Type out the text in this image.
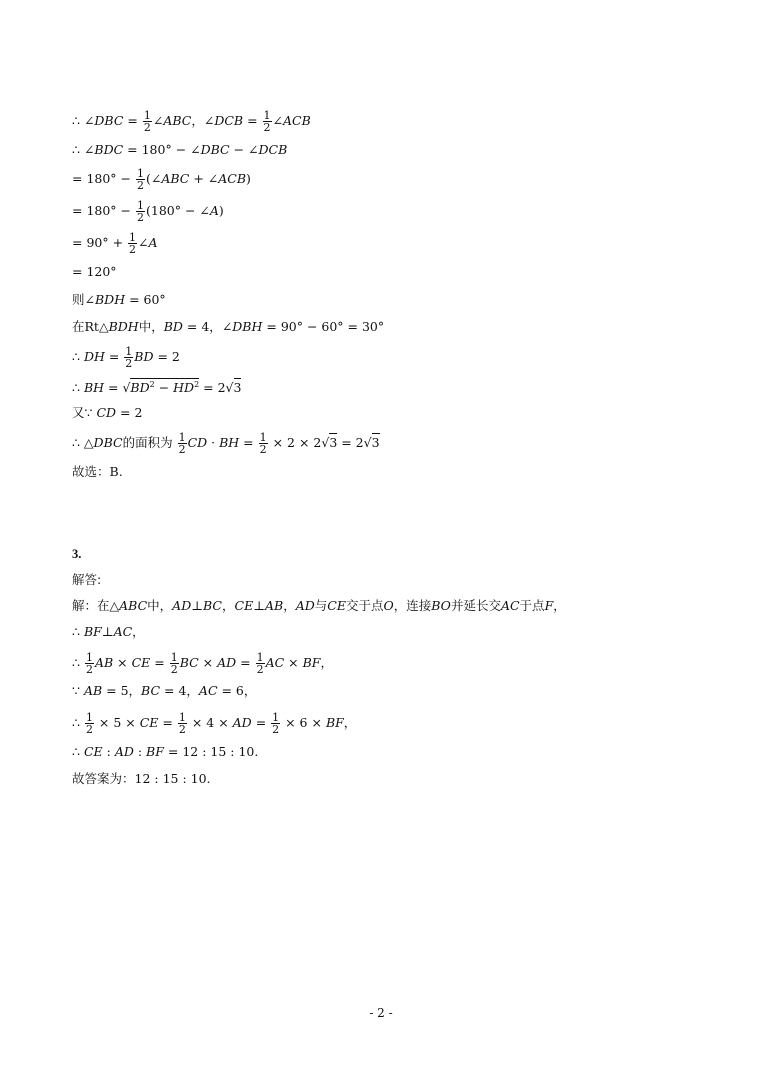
∴ ∠DBC = $\frac{1}{2}$ ∠ABC，∠DCB = $\frac{1}{2}$ ∠ACB
∴ ∠BDC = 180° − ∠DBC − ∠DCB
= $180^\circ - \frac{1}{2}$ (∠ABC + ∠ACB)
= $180^\circ - \frac{1}{2} (180^\circ$ − ∠A)
= $90^\circ + \frac{1}{2}$ ∠A
= 120°
则∠BDH = 60°
在Rt△BDH中，BD = 4，∠DBH = 90° − 60° = 30°
∴ DH = $\frac{1}{2}$ BD = 2
∴ BH = $√BD^2 - HD^2 = 2√3$
又∵ CD = 2
∴ △DBC的面积为 $\frac{1}{2}$ CD · BH = $\frac{1}{2} \times 2 \times 2√3 = 2√3$
故选：B.
3.
解答:
解：在△ABC中，AD⊥BC，CE⊥AB，AD与CE交于点O，连接BO并延长交AC于点F，
∴ BF⊥AC，
∴ $\frac{1}{2}$ AB × CE = $\frac{1}{2}$ BC × AD = $\frac{1}{2}$ AC × BF，
∵ AB = 5，BC = 4，AC = 6，
∴ $\frac{1}{2} \times 5$ × CE = $\frac{1}{2} \times 4$ × AD = $\frac{1}{2} \times 6$ × BF，
∴ CE : AD : BF = 12 : 15 : 10.
故答案为：12 : 15 : 10.
- 2 -
